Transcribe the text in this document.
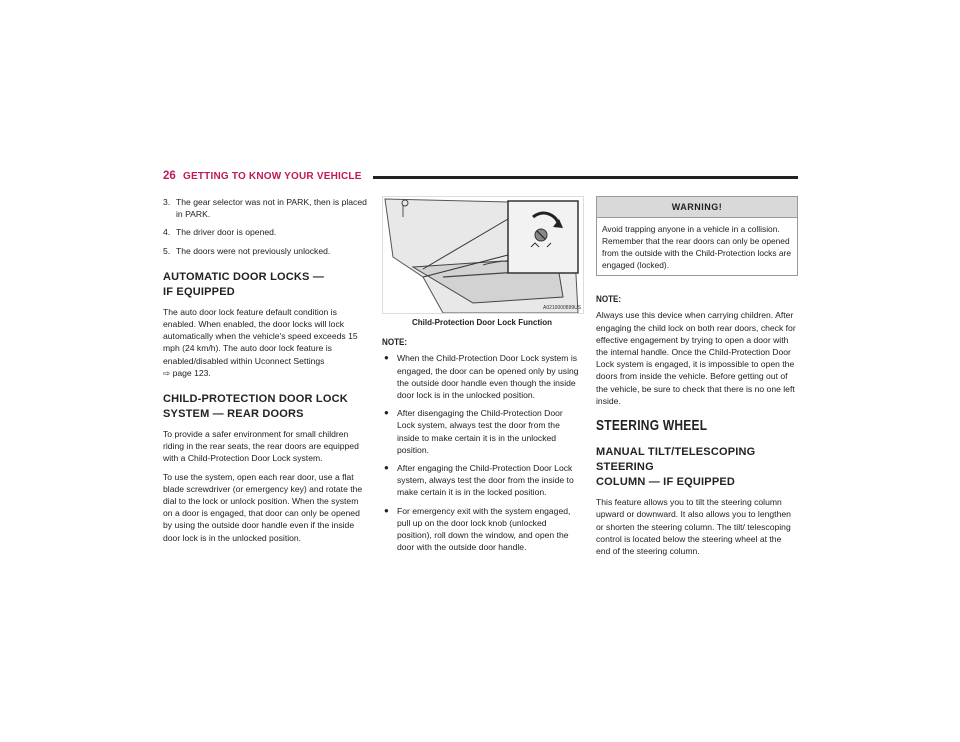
26 GETTING TO KNOW YOUR VEHICLE
3. The gear selector was not in PARK, then is placed in PARK.
4. The driver door is opened.
5. The doors were not previously unlocked.
AUTOMATIC DOOR LOCKS —
IF EQUIPPED

The auto door lock feature default condition is enabled. When enabled, the door locks will lock automatically when the vehicle's speed exceeds 15 mph (24 km/h). The auto door lock feature is enabled/disabled within Uconnect Settings
⇨ page 123.

CHILD-PROTECTION DOOR LOCK
SYSTEM — REAR DOORS

To provide a safer environment for small children riding in the rear seats, the rear doors are equipped with a Child-Protection Door Lock system.

To use the system, open each rear door, use a flat blade screwdriver (or emergency key) and rotate the dial to the lock or unlock position. When the system on a door is engaged, that door can only be opened by using the outside door handle even if the inside door lock is in the unlocked position.

A0210000899US
Child-Protection Door Lock Function
NOTE:
● When the Child-Protection Door Lock system is engaged, the door can be opened only by using the outside door handle even though the inside door lock is in the unlocked position.
● After disengaging the Child-Protection Door Lock system, always test the door from the inside to make certain it is in the unlocked position.
● After engaging the Child-Protection Door Lock system, always test the door from the inside to make certain it is in the locked position.
● For emergency exit with the system engaged, pull up on the door lock knob (unlocked position), roll down the window, and open the door with the outside door handle.
WARNING!
Avoid trapping anyone in a vehicle in a collision. Remember that the rear doors can only be opened from the outside with the Child-Protection locks are engaged (locked).
NOTE:

Always use this device when carrying children. After engaging the child lock on both rear doors, check for effective engagement by trying to open a door with the internal handle. Once the Child-Protection Door Lock system is engaged, it is impossible to open the doors from inside the vehicle. Before getting out of the vehicle, be sure to check that there is no one left inside.

STEERING WHEEL
MANUAL TILT/TELESCOPING STEERING
COLUMN — IF EQUIPPED

This feature allows you to tilt the steering column upward or downward. It also allows you to lengthen or shorten the steering column. The tilt/ telescoping control is located below the steering wheel at the end of the steering column.
